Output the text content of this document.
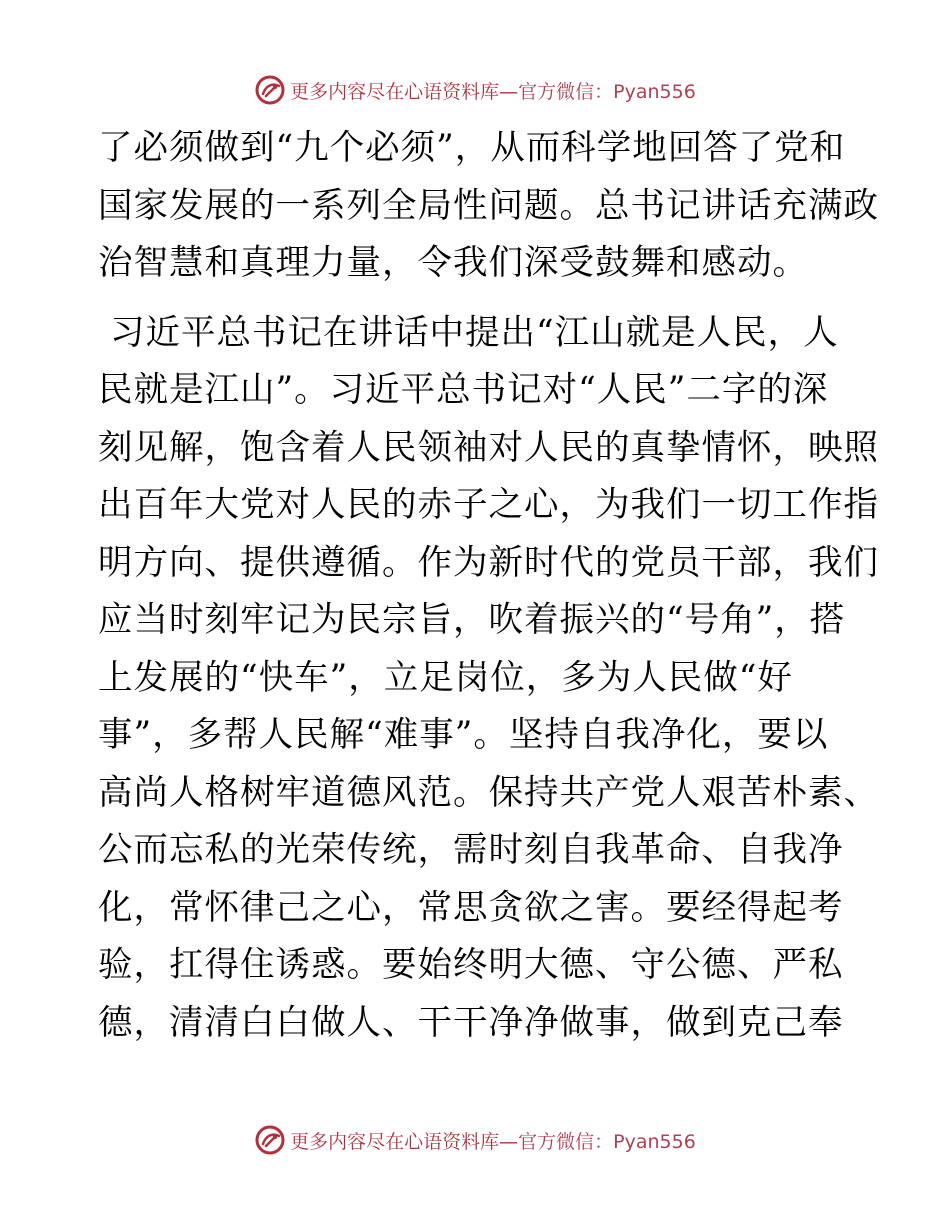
更多内容尽在心语资料库—官方微信：Pyan556

了必须做到“九个必须”，从而科学地回答了党和
国家发展的一系列全局性问题。总书记讲话充满政
治智慧和真理力量，令我们深受鼓舞和感动。

习近平总书记在讲话中提出“江山就是人民，人
民就是江山”。习近平总书记对“人民”二字的深
刻见解，饱含着人民领袖对人民的真挚情怀，映照
出百年大党对人民的赤子之心，为我们一切工作指
明方向、提供遵循。作为新时代的党员干部，我们
应当时刻牢记为民宗旨，吹着振兴的“号角”，搭
上发展的“快车”，立足岗位，多为人民做“好
事”，多帮人民解“难事”。坚持自我净化，要以
高尚人格树牢道德风范。保持共产党人艰苦朴素、
公而忘私的光荣传统，需时刻自我革命、自我净
化，常怀律己之心，常思贪欲之害。要经得起考
验，扛得住诱惑。要始终明大德、守公德、严私
德，清清白白做人、干干净净做事，做到克己奉

更多内容尽在心语资料库—官方微信：Pyan556
